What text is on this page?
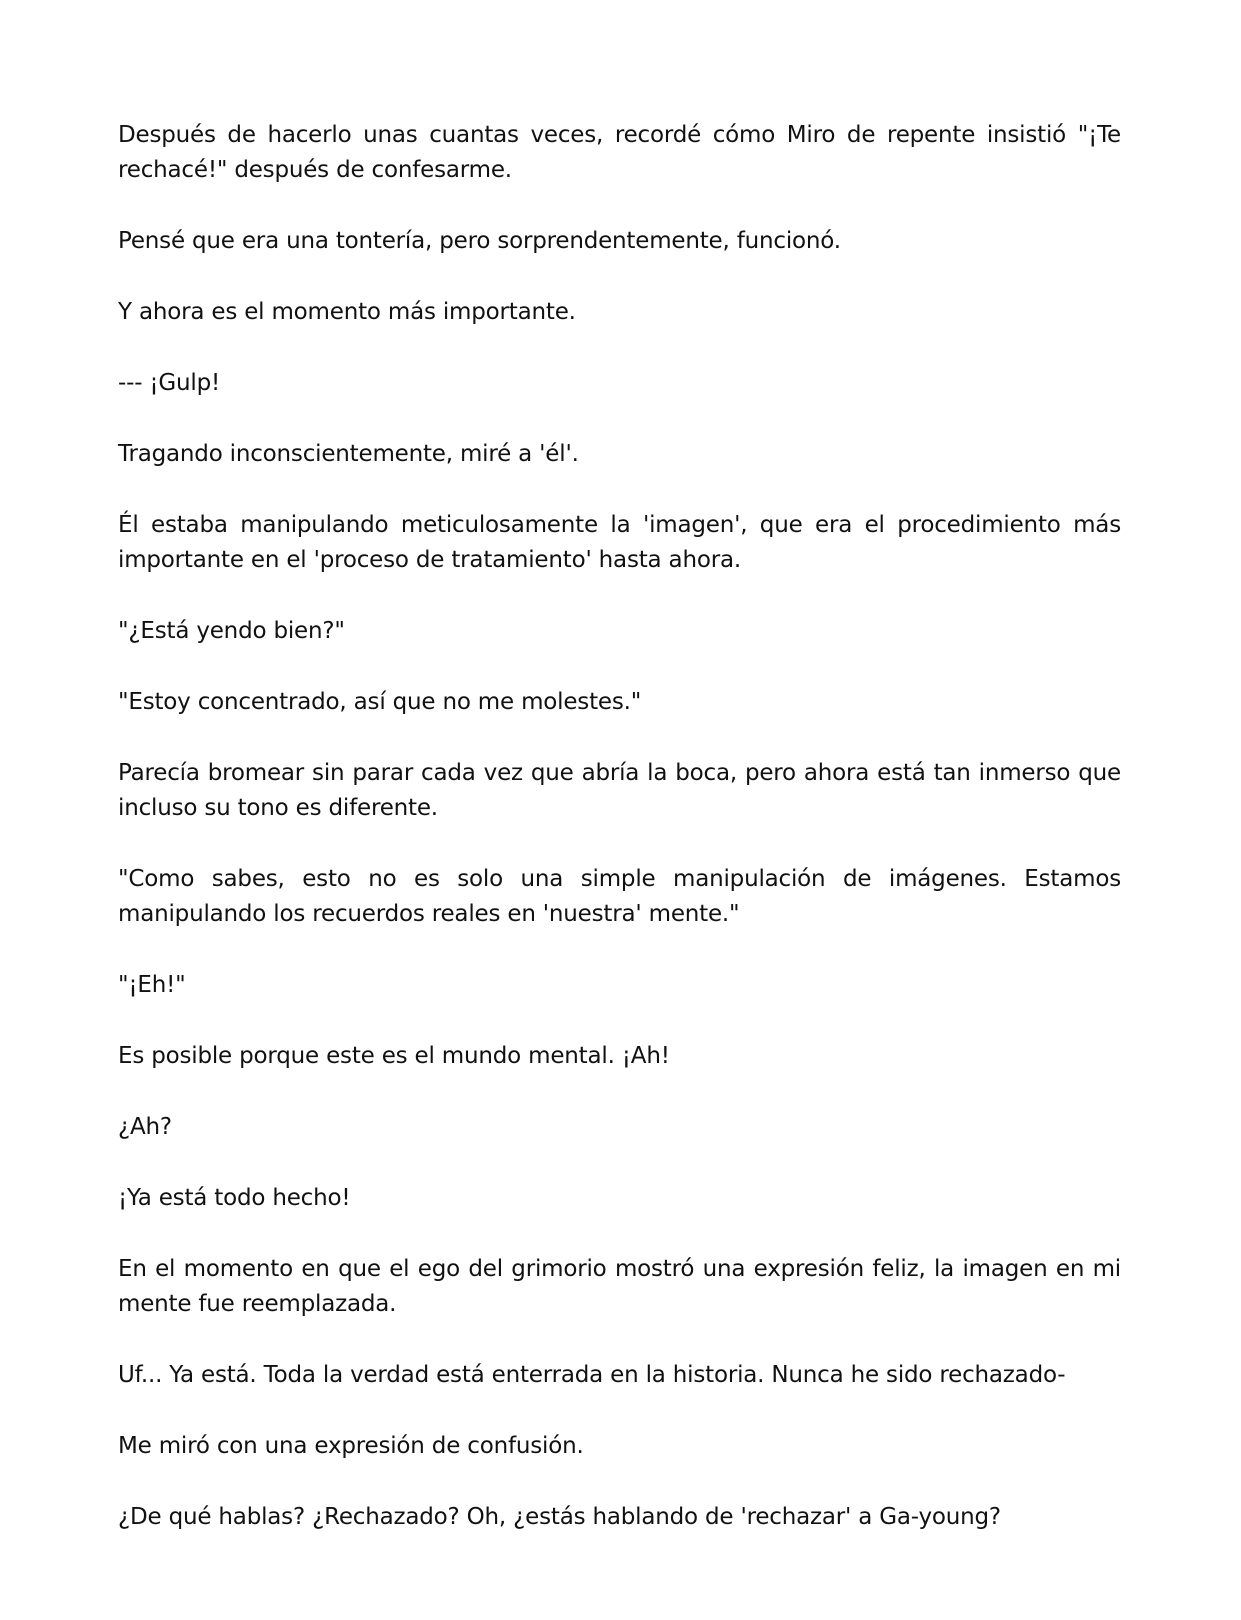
Después de hacerlo unas cuantas veces, recordé cómo Miro de repente insistió "¡Te rechacé!" después de confesarme.

Pensé que era una tontería, pero sorprendentemente, funcionó.

Y ahora es el momento más importante.

--- ¡Gulp!

Tragando inconscientemente, miré a 'él'.

Él estaba manipulando meticulosamente la 'imagen', que era el procedimiento más importante en el 'proceso de tratamiento' hasta ahora.

"¿Está yendo bien?"

"Estoy concentrado, así que no me molestes."

Parecía bromear sin parar cada vez que abría la boca, pero ahora está tan inmerso que incluso su tono es diferente.

"Como sabes, esto no es solo una simple manipulación de imágenes. Estamos manipulando los recuerdos reales en 'nuestra' mente."

"¡Eh!"

Es posible porque este es el mundo mental. ¡Ah!

¿Ah?

¡Ya está todo hecho!

En el momento en que el ego del grimorio mostró una expresión feliz, la imagen en mi mente fue reemplazada.

Uf... Ya está. Toda la verdad está enterrada en la historia. Nunca he sido rechazado-

Me miró con una expresión de confusión.

¿De qué hablas? ¿Rechazado? Oh, ¿estás hablando de 'rechazar' a Ga-young?
